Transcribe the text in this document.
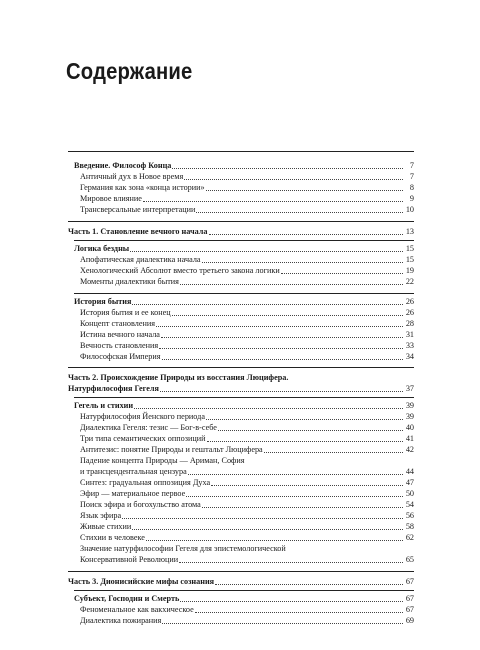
Содержание
Введение. Философ Конца	7
Античный дух в Новое время	7
Германия как зона «конца истории»	8
Мировое влияние	9
Трансверсальные интерпретации	10
Часть 1. Становление вечного начала	13
Логика бездны	15
Апофатическая диалектика начала	15
Хенологический Абсолют вместо третьего закона логики	19
Моменты диалектики бытия	22
История бытия	26
История бытия и ее конец	26
Концепт становления	28
Истина вечного начала	31
Вечность становления	33
Философская Империя	34
Часть 2. Происхождение Природы из восстания Люцифера.
Натурфилософия Гегеля	37
Гегель и стихии	39
Натурфилософия Йенского периода	39
Диалектика Гегеля: тезис — Бог-в-себе	40
Три типа семантических оппозиций	41
Антитезис: понятие Природы и гештальт Люцифера	42
Падение концепта Природы — Ариман, София
и трансцендентальная цензура	44
Синтез: градуальная оппозиция Духа	47
Эфир — материальное первое	50
Поиск эфира и богохульство атома	54
Язык эфира	56
Живые стихии	58
Стихии в человеке	62
Значение натурфилософии Гегеля для эпистемологической
Консервативной Революции	65
Часть 3. Дионисийские мифы сознания	67
Субъект, Господин и Смерть	67
Феноменальное как вакхическое	67
Диалектика пожирания	69
